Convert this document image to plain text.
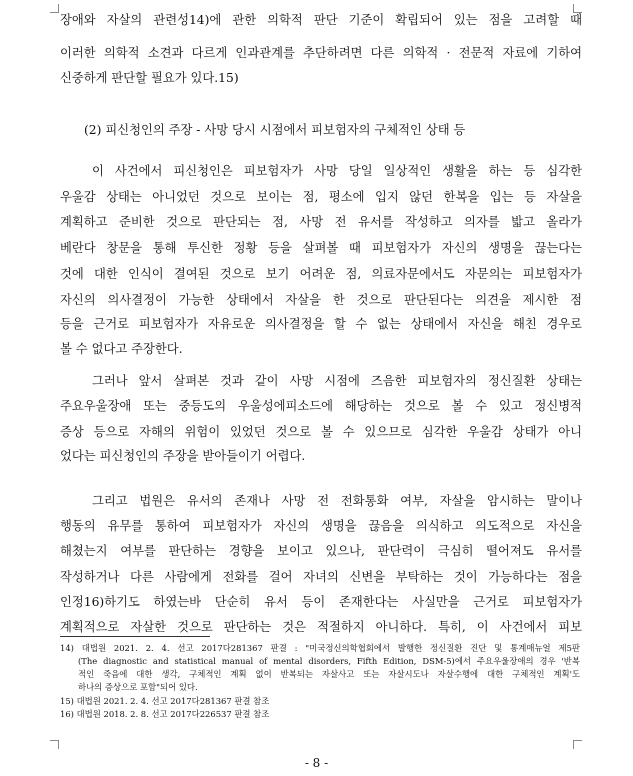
장애와 자살의 관련성14)에 관한 의학적 판단 기준이 확립되어 있는 점을 고려할 때
이러한 의학적 소견과 다르게 인과관계를 추단하려면 다른 의학적 · 전문적 자료에 기하여
신중하게 판단할 필요가 있다.15)
(2) 피신청인의 주장 - 사망 당시 시점에서 피보험자의 구체적인 상태 등
이 사건에서 피신청인은 피보험자가 사망 당일 일상적인 생활을 하는 등 심각한
우울감 상태는 아니었던 것으로 보이는 점, 평소에 입지 않던 한복을 입는 등 자살을
계획하고 준비한 것으로 판단되는 점, 사망 전 유서를 작성하고 의자를 밟고 올라가
베란다 창문을 통해 투신한 정황 등을 살펴볼 때 피보험자가 자신의 생명을 끊는다는
것에 대한 인식이 결여된 것으로 보기 어려운 점, 의료자문에서도 자문의는 피보험자가
자신의 의사결정이 가능한 상태에서 자살을 한 것으로 판단된다는 의견을 제시한 점
등을 근거로 피보험자가 자유로운 의사결정을 할 수 없는 상태에서 자신을 해친 경우로
볼 수 없다고 주장한다.
그러나 앞서 살펴본 것과 같이 사망 시점에 즈음한 피보험자의 정신질환 상태는
주요우울장애 또는 중등도의 우울성에피소드에 해당하는 것으로 볼 수 있고 정신병적
증상 등으로 자해의 위험이 있었던 것으로 볼 수 있으므로 심각한 우울감 상태가 아니
었다는 피신청인의 주장을 받아들이기 어렵다.
그리고 법원은 유서의 존재나 사망 전 전화통화 여부, 자살을 암시하는 말이나
행동의 유무를 통하여 피보험자가 자신의 생명을 끊음을 의식하고 의도적으로 자신을
해쳤는지 여부를 판단하는 경향을 보이고 있으나, 판단력이 극심히 떨어져도 유서를
작성하거나 다른 사람에게 전화를 걸어 자녀의 신변을 부탁하는 것이 가능하다는 점을
인정16)하기도 하였는바 단순히 유서 등이 존재한다는 사실만을 근거로 피보험자가
계획적으로 자살한 것으로 판단하는 것은 적절하지 아니하다. 특히, 이 사건에서 피보
14) 대법원 2021. 2. 4. 선고 2017다281367 판결 : "미국정신의학협회에서 발행한 정신질환 진단 및 통계매뉴얼 제5판
(The diagnostic and statistical manual of mental disorders, Fifth Edition, DSM-5)에서 주요우울장애의 경우 '반복
적인 죽음에 대한 생각, 구체적인 계획 없이 반복되는 자살사고 또는 자살시도나 자살수행에 대한 구체적인 계획'도
하나의 증상으로 포함"되어 있다.
15) 대법원 2021. 2. 4. 선고 2017다281367 판결 참조
16) 대법원 2018. 2. 8. 선고 2017다226537 판결 참조
- 8 -
